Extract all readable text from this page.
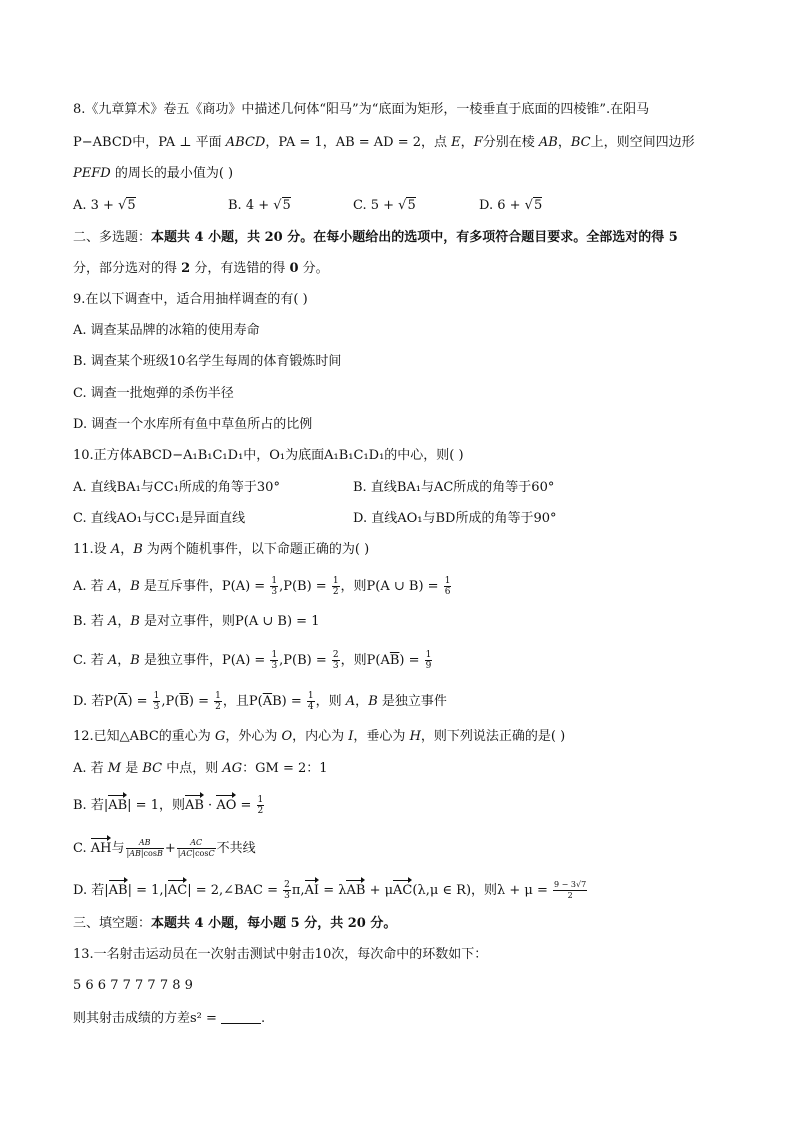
8.《九章算术》卷五《商功》中描述几何体“阳马”为“底面为矩形，一棱垂直于底面的四棱锥”.在阳马
P−ABCD中，PA ⊥ 平面 ABCD，PA = 1，AB = AD = 2，点 E，F分别在棱 AB，BC上，则空间四边形
PEFD 的周长的最小值为( )
A. 3 + √5	B. 4 + √5	C. 5 + √5	D. 6 + √5
二、多选题：本题共 4 小题，共 20 分。在每小题给出的选项中，有多项符合题目要求。全部选对的得 5
分，部分选对的得 2 分，有选错的得 0 分。
9.在以下调查中，适合用抽样调查的有( )
A. 调查某品牌的冰箱的使用寿命
B. 调查某个班级10名学生每周的体育锻炼时间
C. 调查一批炮弹的杀伤半径
D. 调查一个水库所有鱼中草鱼所占的比例
10.正方体ABCD−A₁B₁C₁D₁中，O₁为底面A₁B₁C₁D₁的中心，则( )
A. 直线BA₁与CC₁所成的角等于30°	B. 直线BA₁与AC所成的角等于60°
C. 直线AO₁与CC₁是异面直线	D. 直线AO₁与BD所成的角等于90°
11.设 A，B 为两个随机事件，以下命题正确的为( )
A. 若 A，B 是互斥事件，$P(A) = \frac{1}{3} ,P(B) = \frac{1}{2}$ ，则P(A ∪ $B) = \frac{1}{6}$
B. 若 A，B 是对立事件，则P(A ∪ B) = 1
C. 若 A，B 是独立事件，$P(A) = \frac{1}{3} ,P(B) = \frac{2}{3}$ ，则$P(A\overline{B}) = \frac{1}{9}$
D. 若$P(\overline{A}) = \frac{1}{3} ,P(\overline{B}) = \frac{1}{2}$ ，且$P(\overline{A}B) = \frac{1}{4}$ ，则 A，B 是独立事件
12.已知△ABC的重心为 G，外心为 O，内心为 I，垂心为 H，则下列说法正确的是( )
A. 若 M 是 BC 中点，则 AG：GM = 2：1
B. 若|AB| = 1，则AB · AO = $\frac{1}{2}$
C. AH与 $\frac{AB}{|AB|\cos B} + \frac{AC}{|AC|\cos C}$ 不共线
D. 若|AB| = 1,|AC| = 2,∠BAC = $\frac{2}{3} \pi,AI = \lambda AB + \mu AC(\lambda,\mu$ ∈ R)，则$\lambda + \mu = \frac{9 - 3√7}{2}$
三、填空题：本题共 4 小题，每小题 5 分，共 20 分。
13.一名射击运动员在一次射击测试中射击10次，每次命中的环数如下：
5 6 6 7 7 7 7 7 8 9
则其射击成绩的方差s² =	.
